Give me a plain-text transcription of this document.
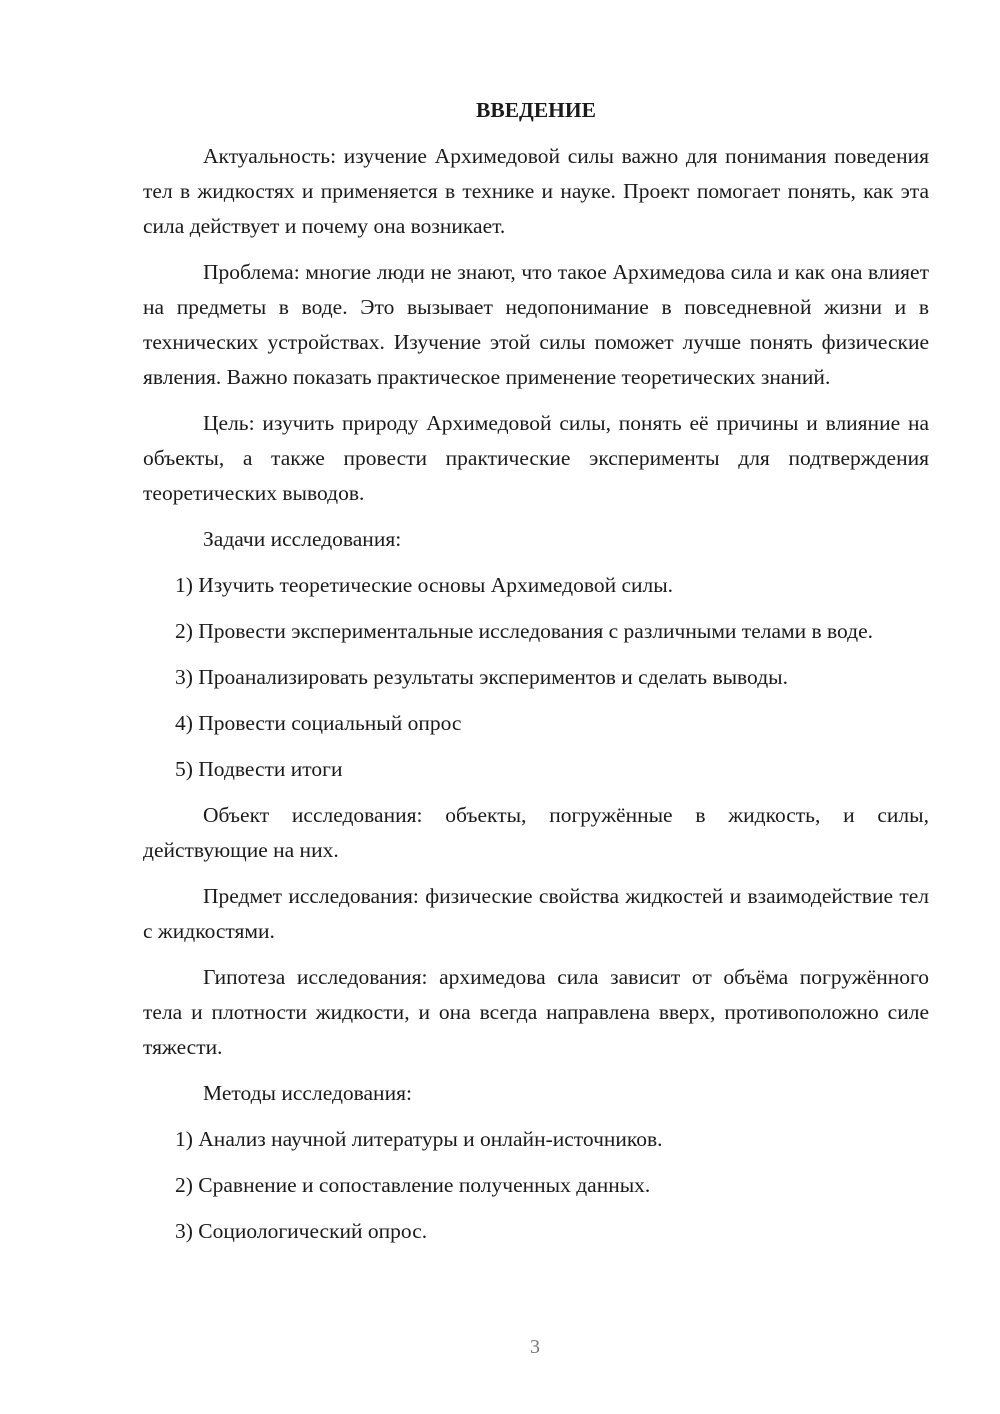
ВВЕДЕНИЕ

Актуальность: изучение Архимедовой силы важно для понимания поведения тел в жидкостях и применяется в технике и науке. Проект помогает понять, как эта сила действует и почему она возникает.

Проблема: многие люди не знают, что такое Архимедова сила и как она влияет на предметы в воде. Это вызывает недопонимание в повседневной жизни и в технических устройствах. Изучение этой силы поможет лучше понять физические явления. Важно показать практическое применение теоретических знаний.

Цель: изучить природу Архимедовой силы, понять её причины и влияние на объекты, а также провести практические эксперименты для подтверждения теоретических выводов.

Задачи исследования:

1) Изучить теоретические основы Архимедовой силы.

2) Провести экспериментальные исследования с различными телами в воде.

3) Проанализировать результаты экспериментов и сделать выводы.

4) Провести социальный опрос

5) Подвести итоги

Объект исследования: объекты, погружённые в жидкость, и силы, действующие на них.

Предмет исследования: физические свойства жидкостей и взаимодействие тел с жидкостями.

Гипотеза исследования: архимедова сила зависит от объёма погружённого тела и плотности жидкости, и она всегда направлена вверх, противоположно силе тяжести.

Методы исследования:

1) Анализ научной литературы и онлайн-источников.

2) Сравнение и сопоставление полученных данных.

3) Социологический опрос.

3
